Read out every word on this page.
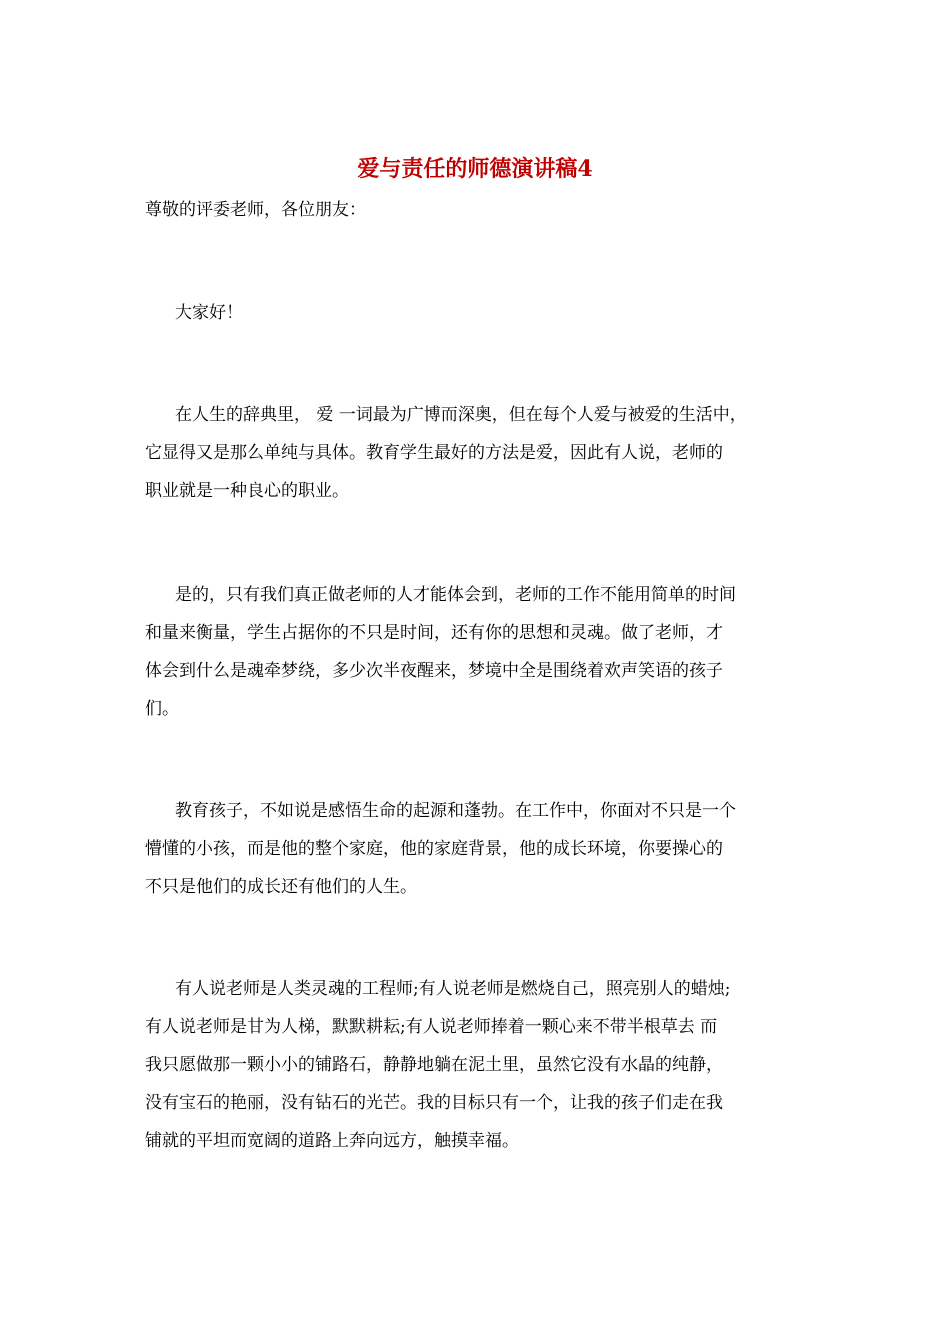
爱与责任的师德演讲稿4

尊敬的评委老师，各位朋友：

大家好！
在人生的辞典里， 爱 一词最为广博而深奥，但在每个人爱与被爱的生活中，
它显得又是那么单纯与具体。教育学生最好的方法是爱，因此有人说，老师的
职业就是一种良心的职业。
是的，只有我们真正做老师的人才能体会到，老师的工作不能用简单的时间
和量来衡量，学生占据你的不只是时间，还有你的思想和灵魂。做了老师，才
体会到什么是魂牵梦绕，多少次半夜醒来，梦境中全是围绕着欢声笑语的孩子
们。
教育孩子，不如说是感悟生命的起源和蓬勃。在工作中，你面对不只是一个
懵懂的小孩，而是他的整个家庭，他的家庭背景，他的成长环境，你要操心的
不只是他们的成长还有他们的人生。
有人说老师是人类灵魂的工程师;有人说老师是燃烧自己，照亮别人的蜡烛;
有人说老师是甘为人梯，默默耕耘;有人说老师捧着一颗心来不带半根草去 而
我只愿做那一颗小小的铺路石，静静地躺在泥土里，虽然它没有水晶的纯静，
没有宝石的艳丽，没有钻石的光芒。我的目标只有一个，让我的孩子们走在我
铺就的平坦而宽阔的道路上奔向远方，触摸幸福。
